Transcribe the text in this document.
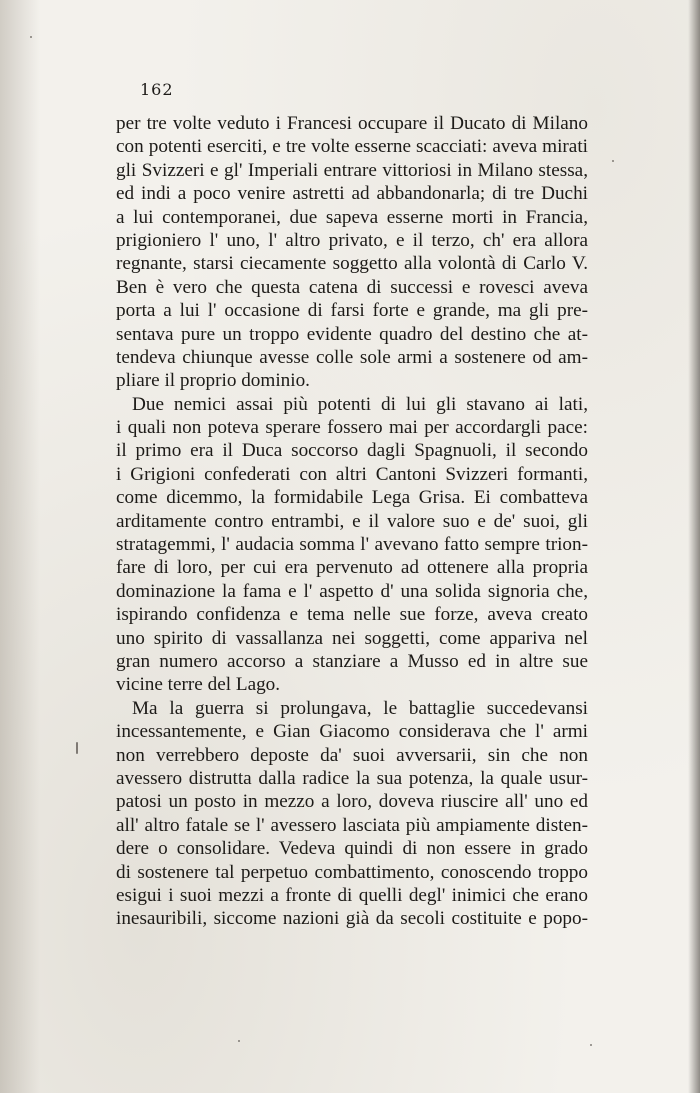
162
per tre volte veduto i Francesi occupare il Ducato di Milano
con potenti eserciti, e tre volte esserne scacciati: aveva mirati
gli Svizzeri e gl' Imperiali entrare vittoriosi in Milano stessa,
ed indi a poco venire astretti ad abbandonarla; di tre Duchi
a lui contemporanei, due sapeva esserne morti in Francia,
prigioniero l' uno, l' altro privato, e il terzo, ch' era allora
regnante, starsi ciecamente soggetto alla volontà di Carlo V.
Ben è vero che questa catena di successi e rovesci aveva
porta a lui l' occasione di farsi forte e grande, ma gli pre-
sentava pure un troppo evidente quadro del destino che at-
tendeva chiunque avesse colle sole armi a sostenere od am-
pliare il proprio dominio.
Due nemici assai più potenti di lui gli stavano ai lati,
i quali non poteva sperare fossero mai per accordargli pace:
il primo era il Duca soccorso dagli Spagnuoli, il secondo
i Grigioni confederati con altri Cantoni Svizzeri formanti,
come dicemmo, la formidabile Lega Grisa. Ei combatteva
arditamente contro entrambi, e il valore suo e de' suoi, gli
stratagemmi, l' audacia somma l' avevano fatto sempre trion-
fare di loro, per cui era pervenuto ad ottenere alla propria
dominazione la fama e l' aspetto d' una solida signoria che,
ispirando confidenza e tema nelle sue forze, aveva creato
uno spirito di vassallanza nei soggetti, come appariva nel
gran numero accorso a stanziare a Musso ed in altre sue
vicine terre del Lago.
Ma la guerra si prolungava, le battaglie succedevansi
incessantemente, e Gian Giacomo considerava che l' armi
non verrebbero deposte da' suoi avversarii, sin che non
avessero distrutta dalla radice la sua potenza, la quale usur-
patosi un posto in mezzo a loro, doveva riuscire all' uno ed
all' altro fatale se l' avessero lasciata più ampiamente disten-
dere o consolidare. Vedeva quindi di non essere in grado
di sostenere tal perpetuo combattimento, conoscendo troppo
esigui i suoi mezzi a fronte di quelli degl' inimici che erano
inesauribili, siccome nazioni già da secoli costituite e popo-
